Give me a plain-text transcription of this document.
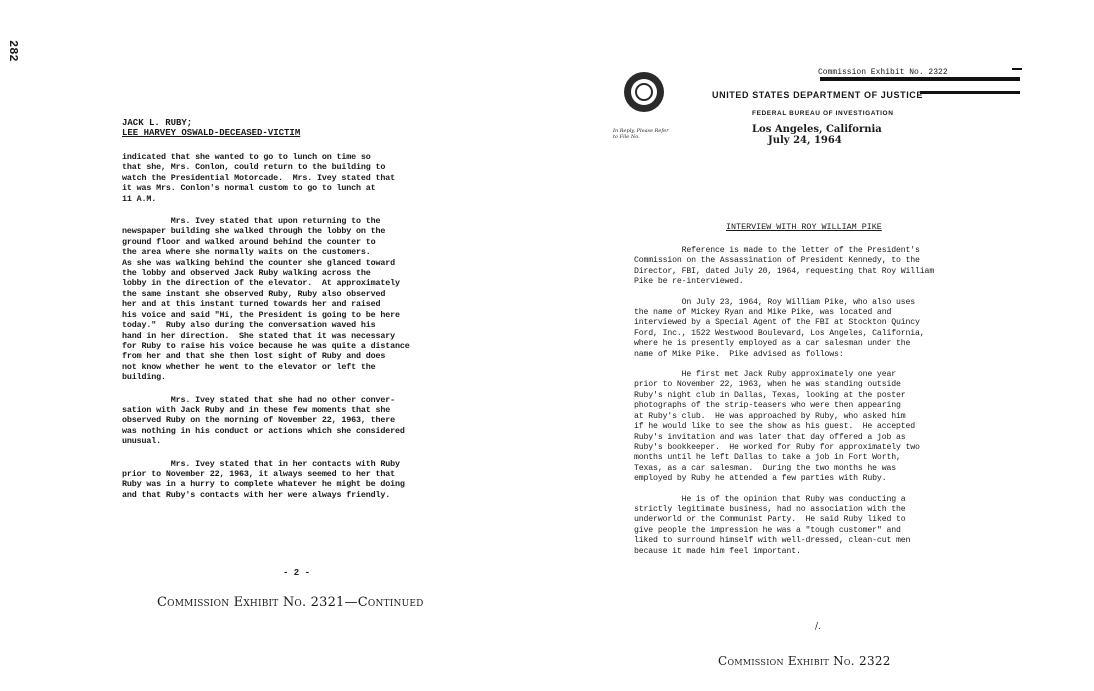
282
JACK L. RUBY;
LEE HARVEY OSWALD-DECEASED-VICTIM

indicated that she wanted to go to lunch on time so
that she, Mrs. Conlon, could return to the building to
watch the Presidential Motorcade.  Mrs. Ivey stated that
it was Mrs. Conlon's normal custom to go to lunch at
11 A.M.

Mrs. Ivey stated that upon returning to the
newspaper building she walked through the lobby on the
ground floor and walked around behind the counter to
the area where she normally waits on the customers.
As she was walking behind the counter she glanced toward
the lobby and observed Jack Ruby walking across the
lobby in the direction of the elevator.  At approximately
the same instant she observed Ruby, Ruby also observed
her and at this instant turned towards her and raised
his voice and said "Hi, the President is going to be here
today."  Ruby also during the conversation waved his
hand in her direction.  She stated that it was necessary
for Ruby to raise his voice because he was quite a distance
from her and that she then lost sight of Ruby and does
not know whether he went to the elevator or left the
building.

Mrs. Ivey stated that she had no other conver-
sation with Jack Ruby and in these few moments that she
observed Ruby on the morning of November 22, 1963, there
was nothing in his conduct or actions which she considered
unusual.

Mrs. Ivey stated that in her contacts with Ruby
prior to November 22, 1963, it always seemed to her that
Ruby was in a hurry to complete whatever he might be doing
and that Ruby's contacts with her were always friendly.

- 2 -
Commission Exhibit No. 2321—Continued
In Reply, Please Refer to File No.
Commission Exhibit No. 2322
UNITED STATES DEPARTMENT OF JUSTICE
FEDERAL BUREAU OF INVESTIGATION
Los Angeles, California
July 24, 1964
INTERVIEW WITH ROY WILLIAM PIKE

Reference is made to the letter of the President's
Commission on the Assassination of President Kennedy, to the
Director, FBI, dated July 20, 1964, requesting that Roy William
Pike be re-interviewed.

On July 23, 1964, Roy William Pike, who also uses
the name of Mickey Ryan and Mike Pike, was located and
interviewed by a Special Agent of the FBI at Stockton Quincy
Ford, Inc., 1522 Westwood Boulevard, Los Angeles, California,
where he is presently employed as a car salesman under the
name of Mike Pike.  Pike advised as follows:

He first met Jack Ruby approximately one year
prior to November 22, 1963, when he was standing outside
Ruby's night club in Dallas, Texas, looking at the poster
photographs of the strip-teasers who were then appearing
at Ruby's club.  He was approached by Ruby, who asked him
if he would like to see the show as his guest.  He accepted
Ruby's invitation and was later that day offered a job as
Ruby's bookkeeper.  He worked for Ruby for approximately two
months until he left Dallas to take a job in Fort Worth,
Texas, as a car salesman.  During the two months he was
employed by Ruby he attended a few parties with Ruby.

He is of the opinion that Ruby was conducting a
strictly legitimate business, had no association with the
underworld or the Communist Party.  He said Ruby liked to
give people the impression he was a "tough customer" and
liked to surround himself with well-dressed, clean-cut men
because it made him feel important.

/.
Commission Exhibit No. 2322
